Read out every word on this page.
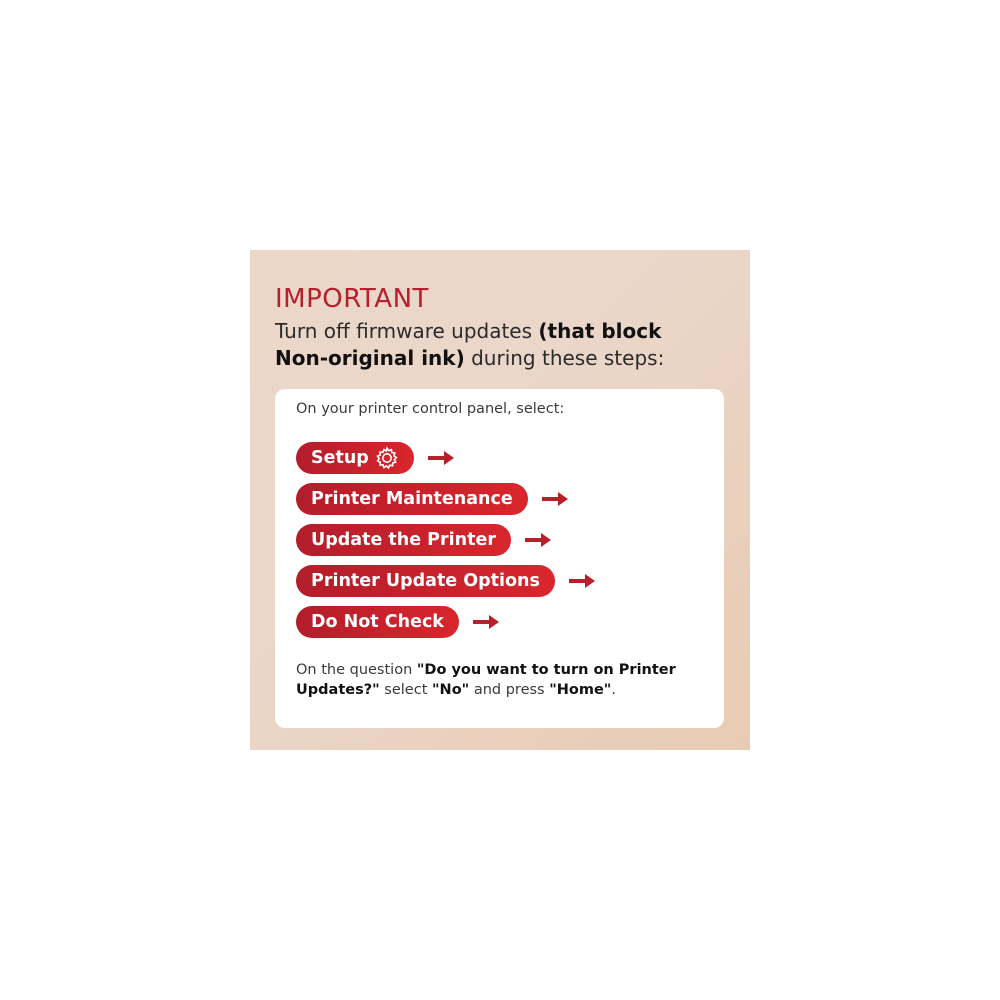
IMPORTANT
Turn off firmware updates (that block
Non-original ink) during these steps:
On your printer control panel, select:
Setup
Printer Maintenance
Update the Printer
Printer Update Options
Do Not Check
On the question "Do you want to turn on Printer Updates?" select "No" and press "Home".
